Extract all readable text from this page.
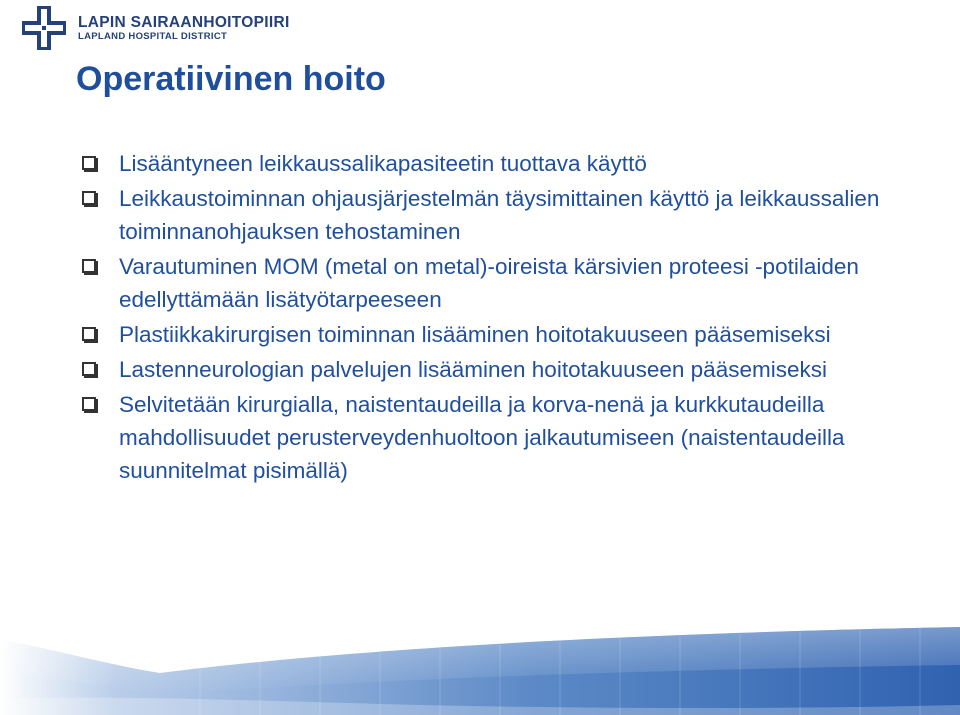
LAPIN SAIRAANHOITOPIIRI
LAPLAND HOSPITAL DISTRICT
Operatiivinen hoito
Lisääntyneen leikkaussalikapasiteetin tuottava käyttö
Leikkaustoiminnan ohjausjärjestelmän täysimittainen käyttö ja leikkaussalien toiminnanohjauksen tehostaminen
Varautuminen MOM (metal on metal)-oireista kärsivien proteesi -potilaiden edellyttämään lisätyötarpeeseen
Plastiikkakirurgisen toiminnan lisääminen hoitotakuuseen pääsemiseksi
Lastenneurologian palvelujen lisääminen hoitotakuuseen pääsemiseksi
Selvitetään kirurgialla, naistentaudeilla ja korva-nenä ja kurkkutaudeilla mahdollisuudet perusterveydenhuoltoon jalkautumiseen (naistentaudeilla suunnitelmat pisimällä)
